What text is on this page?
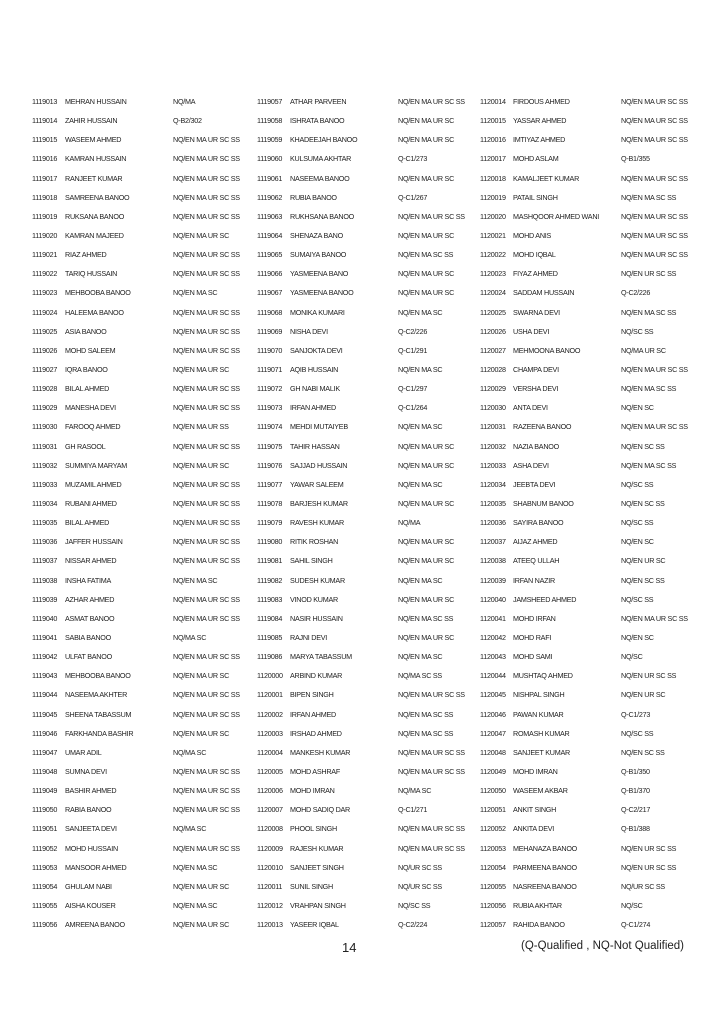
1119013	MEHRAN HUSSAIN	NQ/MA
1119014	ZAHIR HUSSAIN	Q-B2/302
1119015	WASEEM AHMED	NQ/EN MA UR SC SS
1119016	KAMRAN HUSSAIN	NQ/EN MA UR SC SS
1119017	RANJEET KUMAR	NQ/EN MA UR SC SS
1119018	SAMREENA BANOO	NQ/EN MA UR SC SS
1119019	RUKSANA BANOO	NQ/EN MA UR SC SS
1119020	KAMRAN MAJEED	NQ/EN MA UR SC
1119021	RIAZ AHMED	NQ/EN MA UR SC SS
1119022	TARIQ HUSSAIN	NQ/EN MA UR SC SS
1119023	MEHBOOBA BANOO	NQ/EN MA SC
1119024	HALEEMA BANOO	NQ/EN MA UR SC SS
1119025	ASIA BANOO	NQ/EN MA UR SC SS
1119026	MOHD SALEEM	NQ/EN MA UR SC SS
1119027	IQRA BANOO	NQ/EN MA UR SC
1119028	BILAL AHMED	NQ/EN MA UR SC SS
1119029	MANESHA DEVI	NQ/EN MA UR SC SS
1119030	FAROOQ AHMED	NQ/EN MA UR SS
1119031	GH RASOOL	NQ/EN MA UR SC SS
1119032	SUMMIYA MARYAM	NQ/EN MA UR SC
1119033	MUZAMIL AHMED	NQ/EN MA UR SC SS
1119034	RUBANI AHMED	NQ/EN MA UR SC SS
1119035	BILAL AHMED	NQ/EN MA UR SC SS
1119036	JAFFER HUSSAIN	NQ/EN MA UR SC SS
1119037	NISSAR AHMED	NQ/EN MA UR SC SS
1119038	INSHA FATIMA	NQ/EN MA SC
1119039	AZHAR AHMED	NQ/EN MA UR SC SS
1119040	ASMAT BANOO	NQ/EN MA UR SC SS
1119041	SABIA BANOO	NQ/MA SC
1119042	ULFAT BANOO	NQ/EN MA UR SC SS
1119043	MEHBOOBA BANOO	NQ/EN MA UR SC
1119044	NASEEMA AKHTER	NQ/EN MA UR SC SS
1119045	SHEENA TABASSUM	NQ/EN MA UR SC SS
1119046	FARKHANDA BASHIR	NQ/EN MA UR SC
1119047	UMAR ADIL	NQ/MA SC
1119048	SUMNA DEVI	NQ/EN MA UR SC SS
1119049	BASHIR AHMED	NQ/EN MA UR SC SS
1119050	RABIA BANOO	NQ/EN MA UR SC SS
1119051	SANJEETA DEVI	NQ/MA SC
1119052	MOHD HUSSAIN	NQ/EN MA UR SC SS
1119053	MANSOOR AHMED	NQ/EN MA SC
1119054	GHULAM NABI	NQ/EN MA UR SC
1119055	AISHA KOUSER	NQ/EN MA SC
1119056	AMREENA BANOO	NQ/EN MA UR SC
1119057	ATHAR PARVEEN	NQ/EN MA UR SC SS
1119058	ISHRATA BANOO	NQ/EN MA UR SC
1119059	KHADEEJAH BANOO	NQ/EN MA UR SC
1119060	KULSUMA AKHTAR	Q-C1/273
1119061	NASEEMA BANOO	NQ/EN MA UR SC
1119062	RUBIA BANOO	Q-C1/267
1119063	RUKHSANA BANOO	NQ/EN MA UR SC SS
1119064	SHENAZA BANO	NQ/EN MA UR SC
1119065	SUMAIYA BANOO	NQ/EN MA SC SS
1119066	YASMEENA BANO	NQ/EN MA UR SC
1119067	YASMEENA BANOO	NQ/EN MA UR SC
1119068	MONIKA KUMARI	NQ/EN MA SC
1119069	NISHA DEVI	Q-C2/226
1119070	SANJOKTA DEVI	Q-C1/291
1119071	AQIB HUSSAIN	NQ/EN MA SC
1119072	GH NABI MALIK	Q-C1/297
1119073	IRFAN AHMED	Q-C1/264
1119074	MEHDI MUTAIYEB	NQ/EN MA SC
1119075	TAHIR HASSAN	NQ/EN MA UR SC
1119076	SAJJAD HUSSAIN	NQ/EN MA UR SC
1119077	YAWAR SALEEM	NQ/EN MA SC
1119078	BARJESH KUMAR	NQ/EN MA UR SC
1119079	RAVESH KUMAR	NQ/MA
1119080	RITIK ROSHAN	NQ/EN MA UR SC
1119081	SAHIL SINGH	NQ/EN MA UR SC
1119082	SUDESH KUMAR	NQ/EN MA SC
1119083	VINOD KUMAR	NQ/EN MA UR SC
1119084	NASIR HUSSAIN	NQ/EN MA SC SS
1119085	RAJNI DEVI	NQ/EN MA UR SC
1119086	MARYA TABASSUM	NQ/EN MA SC
1120000	ARBIND KUMAR	NQ/MA SC SS
1120001	BIPEN SINGH	NQ/EN MA UR SC SS
1120002	IRFAN AHMED	NQ/EN MA SC SS
1120003	IRSHAD AHMED	NQ/EN MA SC SS
1120004	MANKESH KUMAR	NQ/EN MA UR SC SS
1120005	MOHD ASHRAF	NQ/EN MA UR SC SS
1120006	MOHD IMRAN	NQ/MA SC
1120007	MOHD SADIQ DAR	Q-C1/271
1120008	PHOOL SINGH	NQ/EN MA UR SC SS
1120009	RAJESH KUMAR	NQ/EN MA UR SC SS
1120010	SANJEET SINGH	NQ/UR SC SS
1120011	SUNIL SINGH	NQ/UR SC SS
1120012	VRAHPAN SINGH	NQ/SC SS
1120013	YASEER IQBAL	Q-C2/224
1120014	FIRDOUS AHMED	NQ/EN MA UR SC SS
1120015	YASSAR AHMED	NQ/EN MA UR SC SS
1120016	IMTIYAZ AHMED	NQ/EN MA UR SC SS
1120017	MOHD ASLAM	Q-B1/355
1120018	KAMALJEET KUMAR	NQ/EN MA UR SC SS
1120019	PATAIL SINGH	NQ/EN MA SC SS
1120020	MASHQOOR AHMED WANI	NQ/EN MA UR SC SS
1120021	MOHD ANIS	NQ/EN MA UR SC SS
1120022	MOHD IQBAL	NQ/EN MA UR SC SS
1120023	FIYAZ AHMED	NQ/EN UR SC SS
1120024	SADDAM HUSSAIN	Q-C2/226
1120025	SWARNA DEVI	NQ/EN MA SC SS
1120026	USHA DEVI	NQ/SC SS
1120027	MEHMOONA BANOO	NQ/MA UR SC
1120028	CHAMPA DEVI	NQ/EN MA UR SC SS
1120029	VERSHA DEVI	NQ/EN MA SC SS
1120030	ANTA DEVI	NQ/EN SC
1120031	RAZEENA BANOO	NQ/EN MA UR SC SS
1120032	NAZIA BANOO	NQ/EN SC SS
1120033	ASHA DEVI	NQ/EN MA SC SS
1120034	JEEBTA DEVI	NQ/SC SS
1120035	SHABNUM BANOO	NQ/EN SC SS
1120036	SAYIRA BANOO	NQ/SC SS
1120037	AIJAZ AHMED	NQ/EN SC
1120038	ATEEQ ULLAH	NQ/EN UR SC
1120039	IRFAN NAZIR	NQ/EN SC SS
1120040	JAMSHEED AHMED	NQ/SC SS
1120041	MOHD IRFAN	NQ/EN MA UR SC SS
1120042	MOHD RAFI	NQ/EN SC
1120043	MOHD SAMI	NQ/SC
1120044	MUSHTAQ AHMED	NQ/EN UR SC SS
1120045	NISHPAL SINGH	NQ/EN UR SC
1120046	PAWAN KUMAR	Q-C1/273
1120047	ROMASH KUMAR	NQ/SC SS
1120048	SANJEET KUMAR	NQ/EN SC SS
1120049	MOHD IMRAN	Q-B1/350
1120050	WASEEM AKBAR	Q-B1/370
1120051	ANKIT SINGH	Q-C2/217
1120052	ANKITA DEVI	Q-B1/388
1120053	MEHANAZA BANOO	NQ/EN UR SC SS
1120054	PARMEENA BANOO	NQ/EN UR SC SS
1120055	NASREENA BANOO	NQ/UR SC SS
1120056	RUBIA AKHTAR	NQ/SC
1120057	RAHIDA BANOO	Q-C1/274
14	(Q-Qualified , NQ-Not Qualified)
